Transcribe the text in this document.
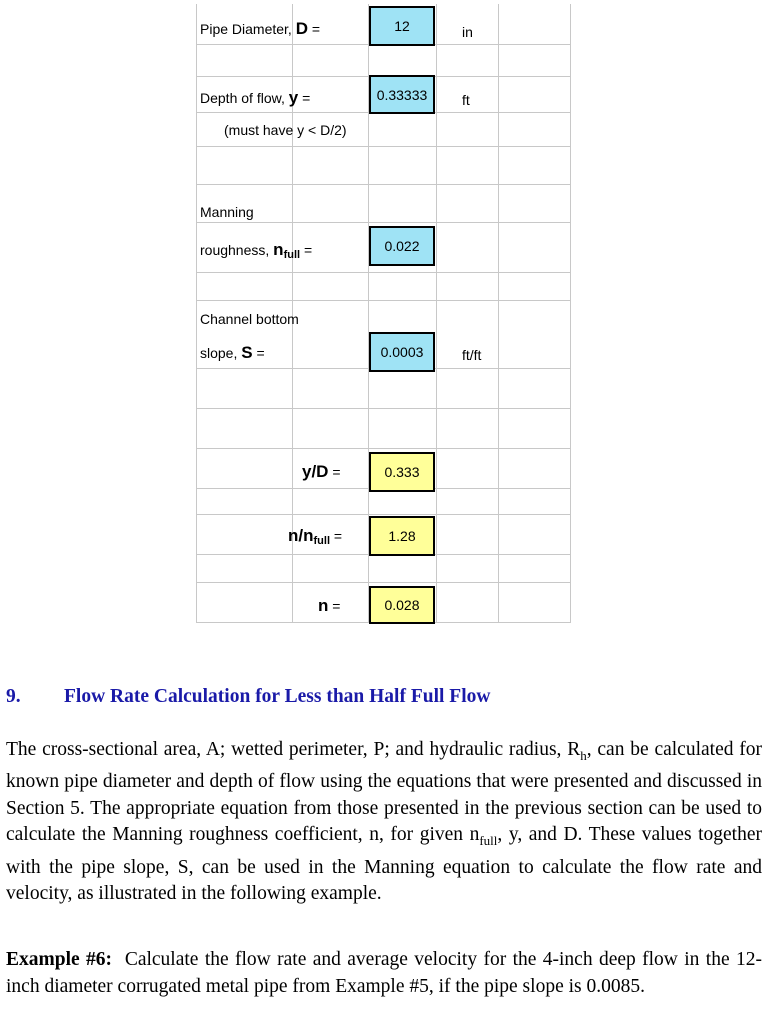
Pipe Diameter, D =	12	in
Depth of flow, y =	0.33333	ft
(must have y < D/2)
Manning
roughness, $n_{full}$ =	0.022
Channel bottom
slope, S =	0.0003	ft/ft
y/D =	0.333
$n/n_{full}$ =	1.28
n =	0.028
9. Flow Rate Calculation for Less than Half Full Flow
The cross-sectional area, A; wetted perimeter, P; and hydraulic radius, $R_h$, can be calculated for known pipe diameter and depth of flow using the equations that were presented and discussed in Section 5. The appropriate equation from those presented in the previous section can be used to calculate the Manning roughness coefficient, n, for given $n_{full}$, y, and D. These values together with the pipe slope, S, can be used in the Manning equation to calculate the flow rate and velocity, as illustrated in the following example.
Example #6: Calculate the flow rate and average velocity for the 4-inch deep flow in the 12-inch diameter corrugated metal pipe from Example #5, if the pipe slope is 0.0085.
